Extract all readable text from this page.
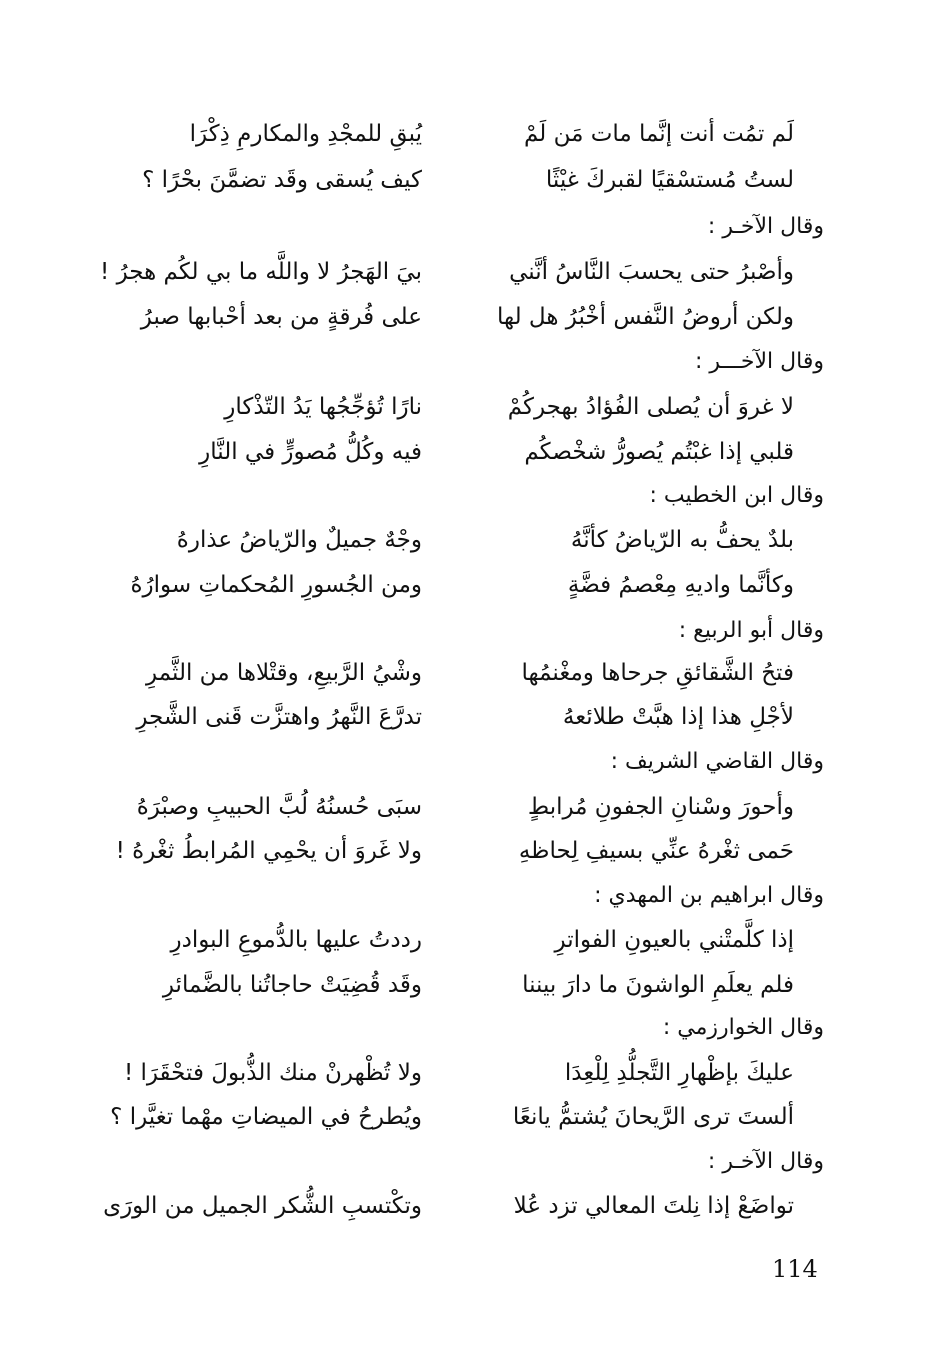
لَم تمُت أنت إنَّما مات مَن لَمْ
يُبقِ للمجْدِ والمكارمِ ذِكْرَا
لستُ مُستسْقيًا لقبركَ غيْثًا
كيف يُسقى وقَد تضمَّنَ بحْرًا ؟
وقال الآخـر :
وأصْبرُ حتى يحسبَ النَّاسُ أنَّني
بيَ الهَجرُ لا واللَّه ما بي لكُم هجرُ !
ولكن أروضُ النَّفس أخْبُرُ هل لها
على فُرقةٍ من بعد أحْبابها صبرُ
وقال الآخـــر :
لا غروَ أن يُصلى الفُؤادُ بهجركُمْ
نارًا تُؤجِّجُها يَدُ التّذْكارِ
قلبي إذا غبْتُم يُصورُّ شخْصكُم
فيه وكُلُّ مُصورٍّ في النَّارِ
وقال ابن الخطيب :
بلدٌ يحفُّ به الرّياضُ كأنَّهُ
وجْهٌ جميلٌ والرّياضُ عذارهُ
وكأنَّما واديهِ مِعْصمُ فضَّةٍ
ومن الجُسورِ المُحكماتِ سوارُهُ
وقال أبو الربيع :
فتحُ الشَّقائقِ جرحاها ومغْنمُها
وشْيُ الرَّبيعِ، وقتْلاها من الثَّمرِ
لأجْلِ هذا إذا هبَّتْ طلائعهُ
تدرَّعَ النَّهرُ واهتزَّت قَنى الشَّجرِ
وقال القاضي الشريف :
وأحورَ وسْنانِ الجفونِ مُرابطٍ
سبَى حُسنُهُ لُبَّ الحبيبِ وصبْرَهُ
حَمى ثغْرهُ عنِّي بسيفِ لِحاظهِ
ولا غَروَ أن يحْمِي المُرابطُ ثغْرهُ !
وقال ابراهيم بن المهدي :
إذا كلَّمتْني بالعيونِ الفواترِ
رددتُ عليها بالدُّموعِ البوادرِ
فلم يعلَمِ الواشونَ ما دارَ بيننا
وقَد قُضِيَتْ حاجاتُنا بالضَّمائرِ
وقال الخوارزمي :
عليكَ بإظْهارِ التَّجلُّدِ لِلْعِدَا
ولا تُظْهرنْ منك الذُّبولَ فتحْقَرَا !
ألستَ ترى الرَّيحانَ يُشتمُّ يانعًا
ويُطرحُ في الميضاتِ مهْما تغيَّرا ؟
وقال الآخـر :
تواضَعْ إذا نِلتَ المعالي تزد عُلا
وتكْتسبِ الشُّكر الجميل من الورَى
114
